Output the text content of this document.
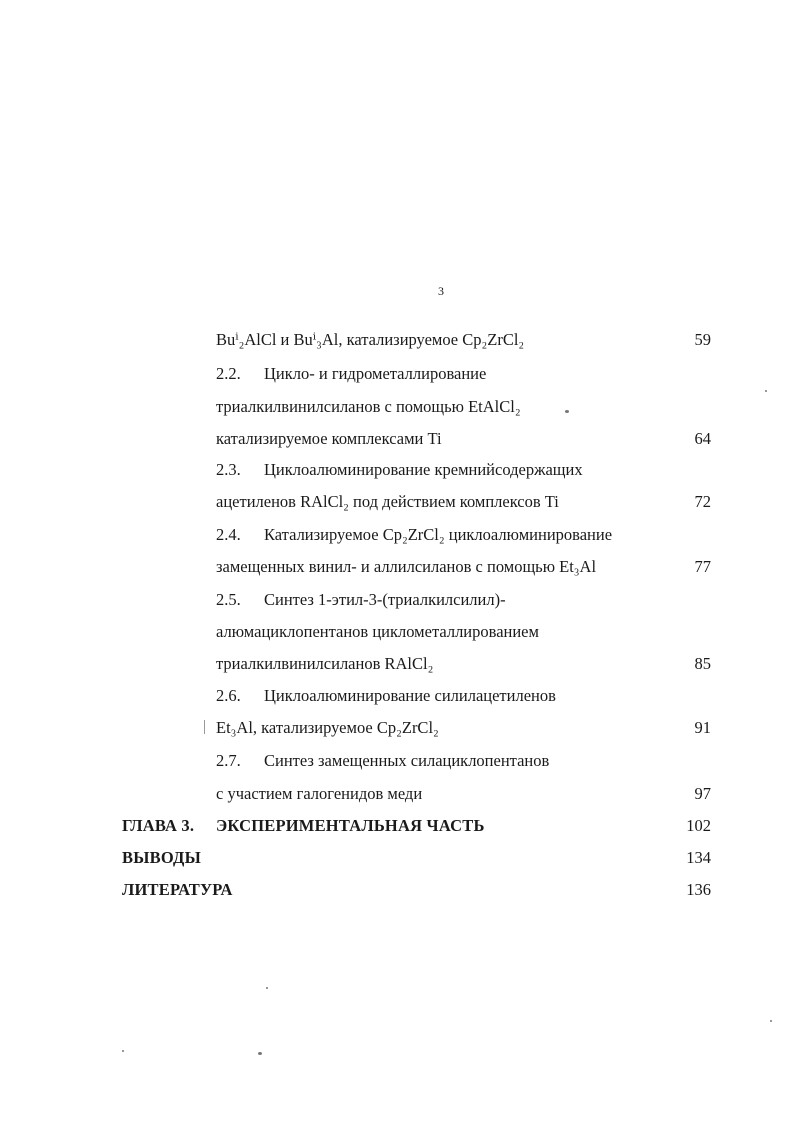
3
Buⁱ₂AlCl и Buⁱ₃Al, катализируемое Cp₂ZrCl₂	59
2.2. Цикло- и гидрометаллирование
триалкилвинилсиланов с помощью EtAlCl₂
катализируемое комплексами Ti	64
2.3. Циклоалюминирование кремнийсодержащих
ацетиленов RAlCl₂ под действием комплексов Ti	72
2.4. Катализируемое Cp₂ZrCl₂ циклоалюминирование
замещенных винил- и аллилсиланов с помощью Et₃Al	77
2.5. Синтез 1-этил-3-(триалкилсилил)-
алюмациклопентанов циклометаллированием
триалкилвинилсиланов RAlCl₂	85
2.6. Циклоалюминирование силилацетиленов
Et₃Al, катализируемое Cp₂ZrCl₂	91
2.7. Синтез замещенных силациклопентанов
с участием галогенидов меди	97
ГЛАВА 3. ЭКСПЕРИМЕНТАЛЬНАЯ ЧАСТЬ	102
ВЫВОДЫ	134
ЛИТЕРАТУРА	136
